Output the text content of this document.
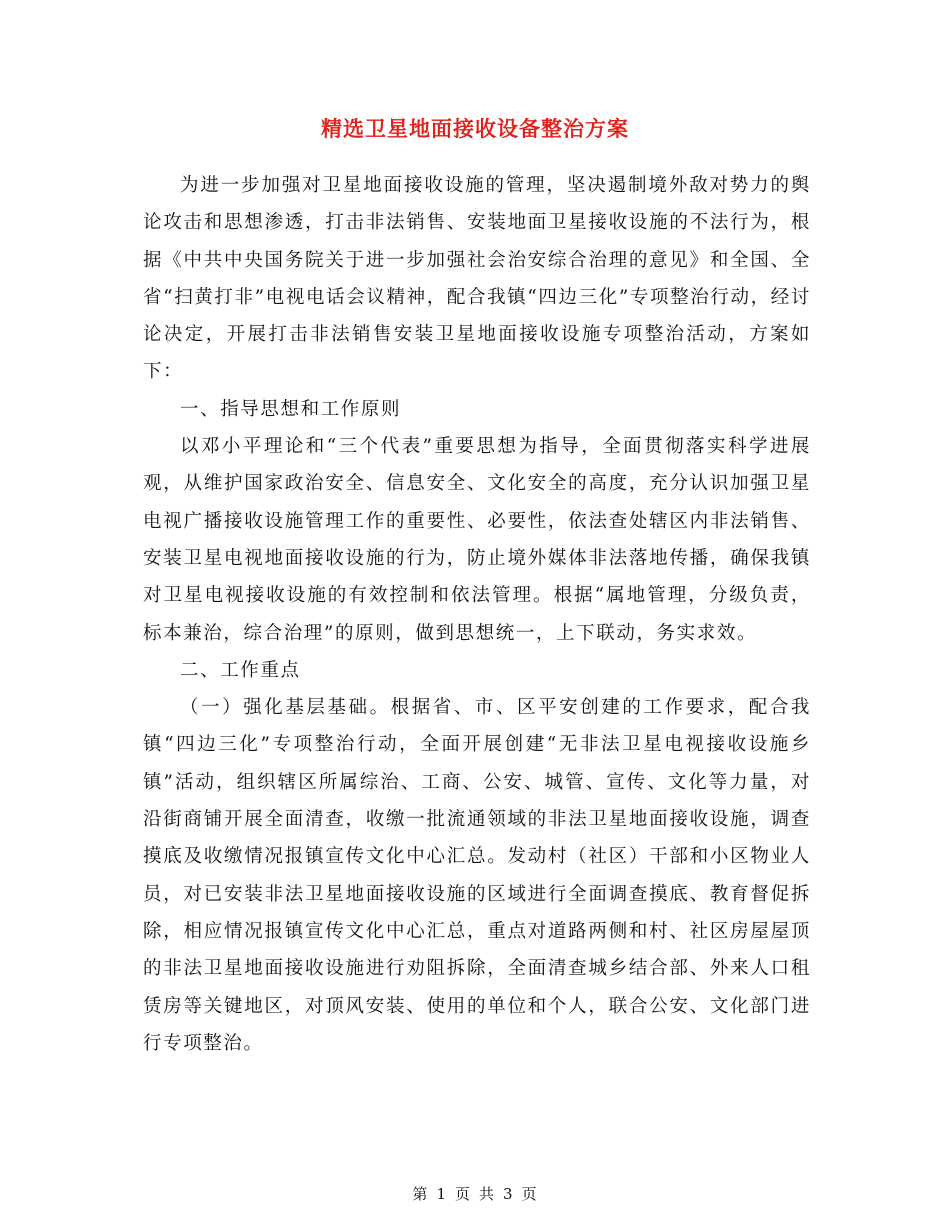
精选卫星地面接收设备整治方案

为进一步加强对卫星地面接收设施的管理，坚决遏制境外敌对势力的舆论攻击和思想渗透，打击非法销售、安装地面卫星接收设施的不法行为，根据《中共中央国务院关于进一步加强社会治安综合治理的意见》和全国、全省“扫黄打非”电视电话会议精神，配合我镇“四边三化”专项整治行动，经讨论决定，开展打击非法销售安装卫星地面接收设施专项整治活动，方案如下：

一、指导思想和工作原则

以邓小平理论和“三个代表”重要思想为指导，全面贯彻落实科学进展观，从维护国家政治安全、信息安全、文化安全的高度，充分认识加强卫星电视广播接收设施管理工作的重要性、必要性，依法查处辖区内非法销售、安装卫星电视地面接收设施的行为，防止境外媒体非法落地传播，确保我镇对卫星电视接收设施的有效控制和依法管理。根据“属地管理，分级负责，标本兼治，综合治理”的原则，做到思想统一，上下联动，务实求效。

二、工作重点

（一）强化基层基础。根据省、市、区平安创建的工作要求，配合我镇“四边三化”专项整治行动，全面开展创建“无非法卫星电视接收设施乡镇”活动，组织辖区所属综治、工商、公安、城管、宣传、文化等力量，对沿街商铺开展全面清查，收缴一批流通领域的非法卫星地面接收设施，调查摸底及收缴情况报镇宣传文化中心汇总。发动村（社区）干部和小区物业人员，对已安装非法卫星地面接收设施的区域进行全面调查摸底、教育督促拆除，相应情况报镇宣传文化中心汇总，重点对道路两侧和村、社区房屋屋顶的非法卫星地面接收设施进行劝阻拆除，全面清查城乡结合部、外来人口租赁房等关键地区，对顶风安装、使用的单位和个人，联合公安、文化部门进行专项整治。

第 1 页 共 3 页
